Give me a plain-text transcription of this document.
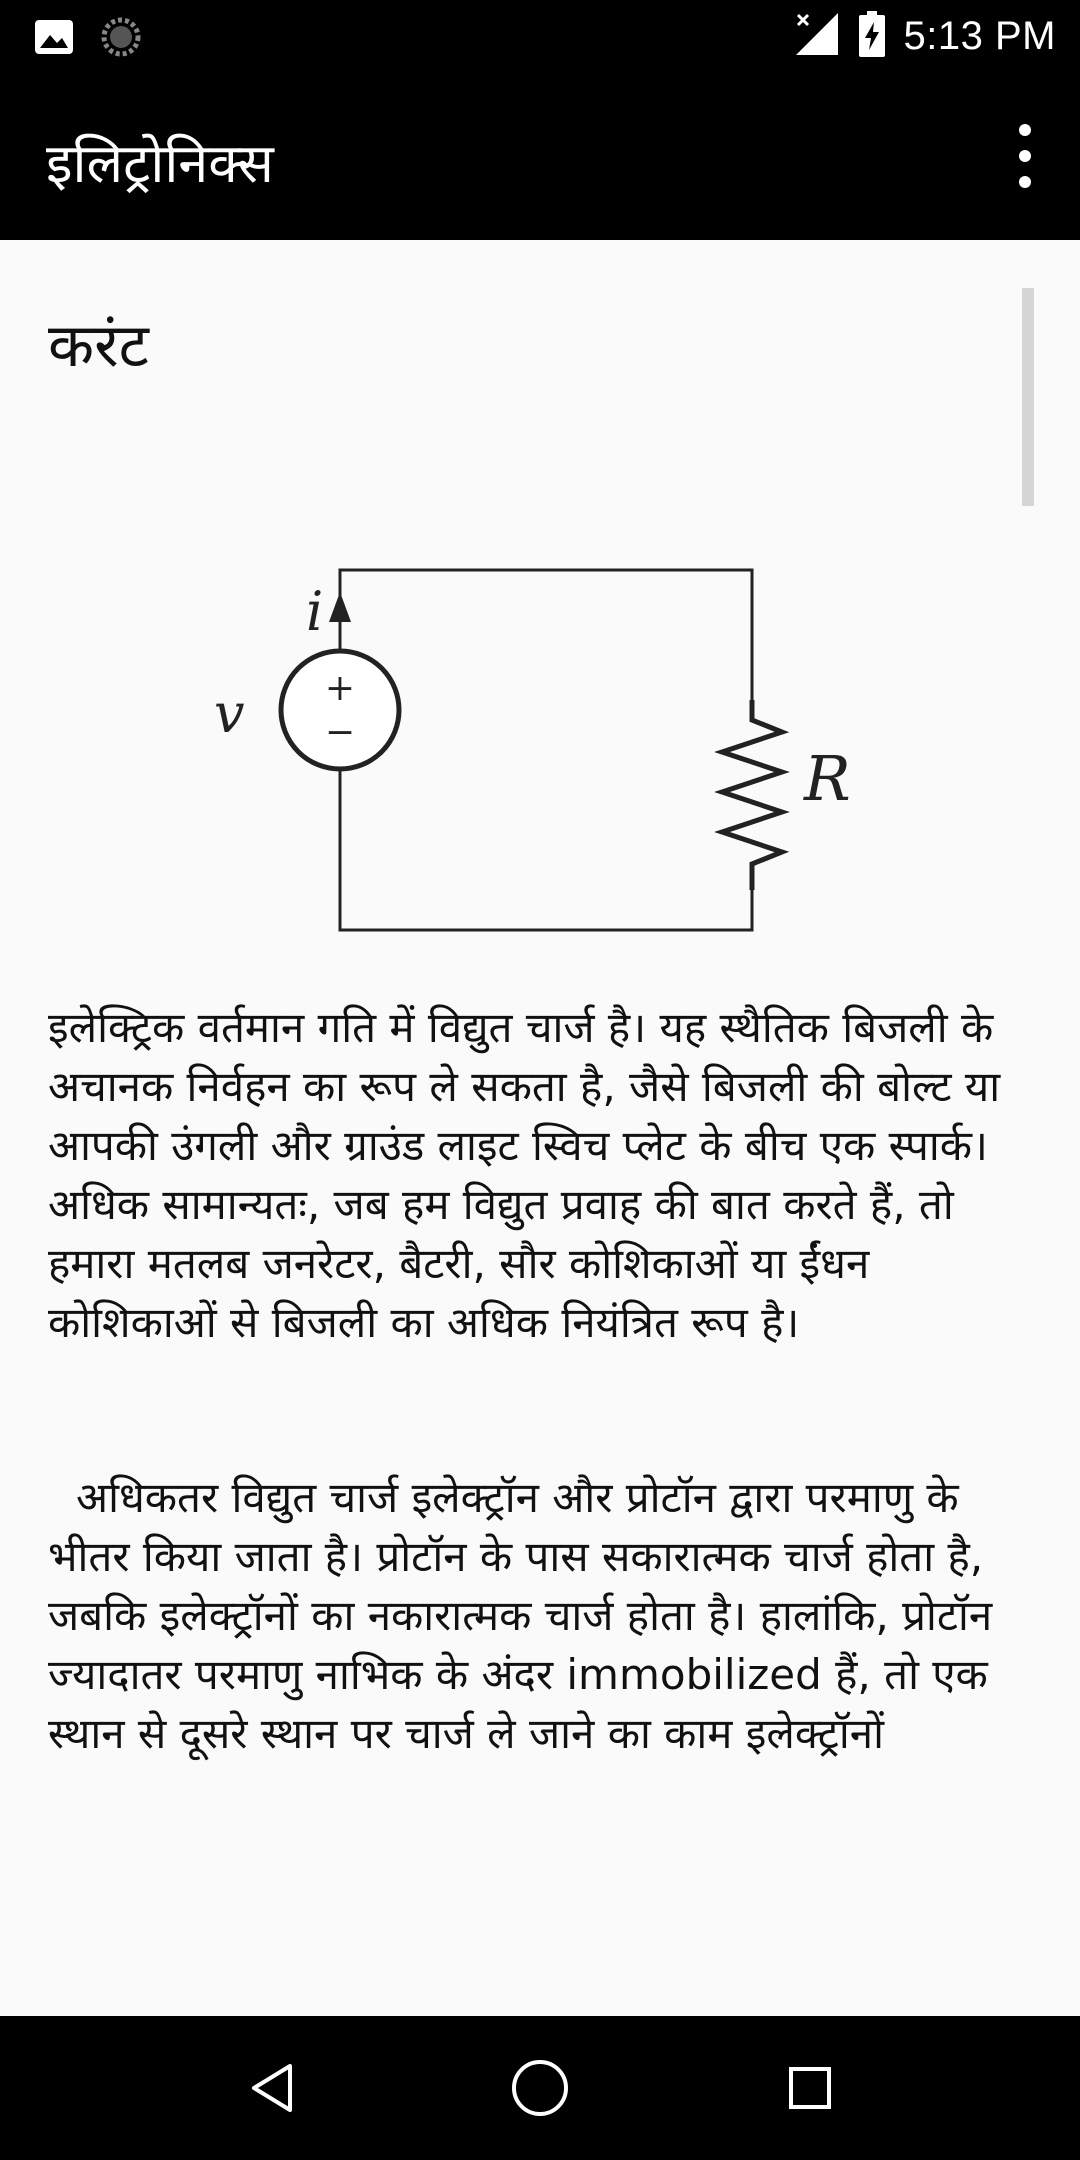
5:13 PM
इलिट्रोनिक्स
करंट
+
−
i
v
R

इलेक्ट्रिक वर्तमान गति में विद्युत चार्ज है। यह स्थैतिक बिजली के अचानक निर्वहन का रूप ले सकता है, जैसे बिजली की बोल्ट या आपकी उंगली और ग्राउंड लाइट स्विच प्लेट के बीच एक स्पार्क। अधिक सामान्यतः, जब हम विद्युत प्रवाह की बात करते हैं, तो हमारा मतलब जनरेटर, बैटरी, सौर कोशिकाओं या ईंधन कोशिकाओं से बिजली का अधिक नियंत्रित रूप है।

अधिकतर विद्युत चार्ज इलेक्ट्रॉन और प्रोटॉन द्वारा परमाणु के भीतर किया जाता है। प्रोटॉन के पास सकारात्मक चार्ज होता है, जबकि इलेक्ट्रॉनों का नकारात्मक चार्ज होता है। हालांकि, प्रोटॉन ज्यादातर परमाणु नाभिक के अंदर immobilized हैं, तो एक स्थान से दूसरे स्थान पर चार्ज ले जाने का काम इलेक्ट्रॉनों
